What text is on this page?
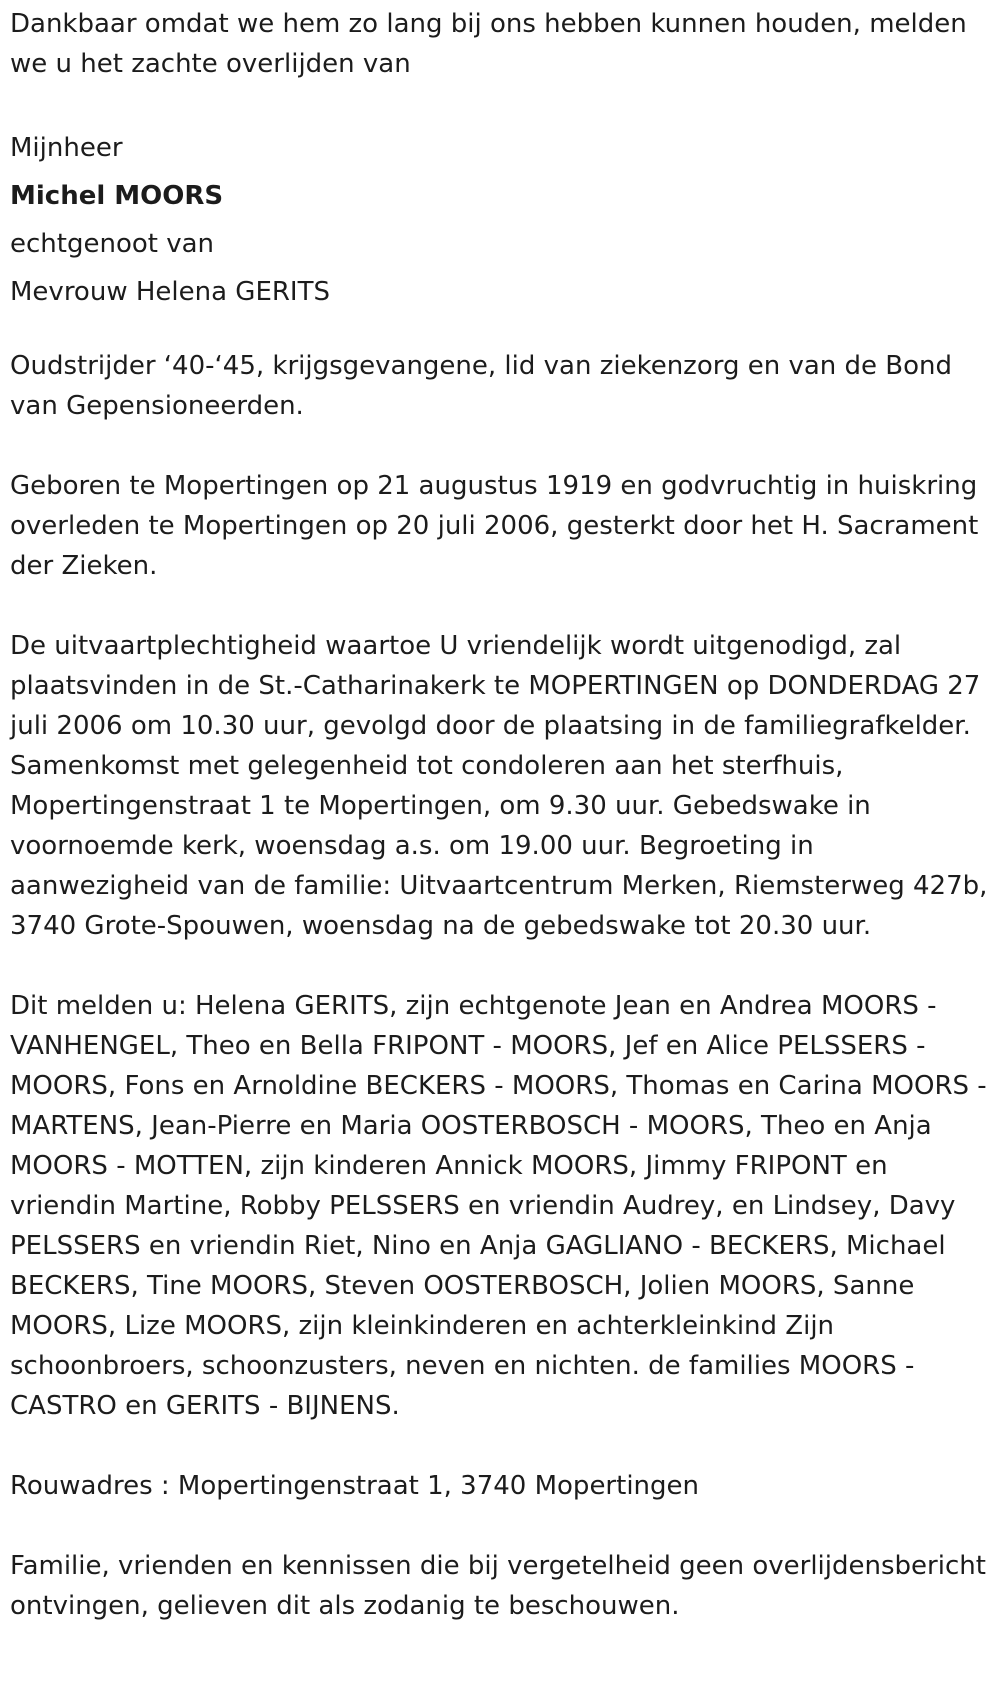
Dankbaar omdat we hem zo lang bij ons hebben kunnen houden, melden we u het zachte overlijden van

Mijnheer
Michel MOORS
echtgenoot van
Mevrouw Helena GERITS

Oudstrijder ‘40-‘45, krijgsgevangene, lid van ziekenzorg en van de Bond van Gepensioneerden.

Geboren te Mopertingen op 21 augustus 1919 en godvruchtig in huiskring overleden te Mopertingen op 20 juli 2006, gesterkt door het H. Sacrament der Zieken.

De uitvaartplechtigheid waartoe U vriendelijk wordt uitgenodigd, zal plaatsvinden in de St.-Catharinakerk te MOPERTINGEN op DONDERDAG 27 juli 2006 om 10.30 uur, gevolgd door de plaatsing in de familiegrafkelder. Samenkomst met gelegenheid tot condoleren aan het sterfhuis, Mopertingenstraat 1 te Mopertingen, om 9.30 uur. Gebedswake in voornoemde kerk, woensdag a.s. om 19.00 uur. Begroeting in aanwezigheid van de familie: Uitvaartcentrum Merken, Riemsterweg 427b, 3740 Grote-Spouwen, woensdag na de gebedswake tot 20.30 uur.

Dit melden u: Helena GERITS, zijn echtgenote Jean en Andrea MOORS - VANHENGEL, Theo en Bella FRIPONT - MOORS, Jef en Alice PELSSERS - MOORS, Fons en Arnoldine BECKERS - MOORS, Thomas en Carina MOORS - MARTENS, Jean-Pierre en Maria OOSTERBOSCH - MOORS, Theo en Anja MOORS - MOTTEN, zijn kinderen Annick MOORS, Jimmy FRIPONT en vriendin Martine, Robby PELSSERS en vriendin Audrey, en Lindsey, Davy PELSSERS en vriendin Riet, Nino en Anja GAGLIANO - BECKERS, Michael BECKERS, Tine MOORS, Steven OOSTERBOSCH, Jolien MOORS, Sanne MOORS, Lize MOORS, zijn kleinkinderen en achterkleinkind Zijn schoonbroers, schoonzusters, neven en nichten. de families MOORS - CASTRO en GERITS - BIJNENS.

Rouwadres : Mopertingenstraat 1, 3740 Mopertingen

Familie, vrienden en kennissen die bij vergetelheid geen overlijdensbericht ontvingen, gelieven dit als zodanig te beschouwen.
